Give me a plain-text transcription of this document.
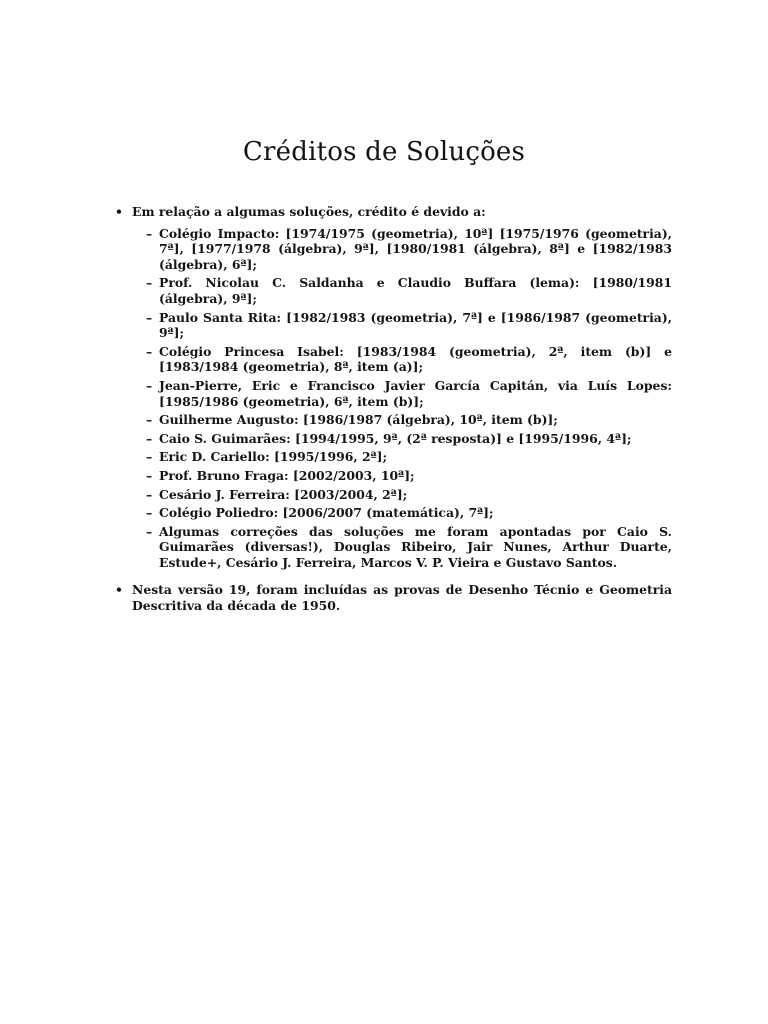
Créditos de Soluções
• Em relação a algumas soluções, crédito é devido a:
– Colégio Impacto: [1974/1975 (geometria), 10ª] [1975/1976 (geometria), 7ª], [1977/1978 (álgebra), 9ª], [1980/1981 (álgebra), 8ª] e [1982/1983 (álgebra), 6ª];
– Prof. Nicolau C. Saldanha e Claudio Buffara (lema): [1980/1981 (álgebra), 9ª];
– Paulo Santa Rita: [1982/1983 (geometria), 7ª] e [1986/1987 (geometria), 9ª];
– Colégio Princesa Isabel: [1983/1984 (geometria), 2ª, item (b)] e [1983/1984 (geometria), 8ª, item (a)];
– Jean-Pierre, Eric e Francisco Javier García Capitán, via Luís Lopes: [1985/1986 (geometria), 6ª, item (b)];
– Guilherme Augusto: [1986/1987 (álgebra), 10ª, item (b)];
– Caio S. Guimarães: [1994/1995, 9ª, (2ª resposta)] e [1995/1996, 4ª];
– Eric D. Cariello: [1995/1996, 2ª];
– Prof. Bruno Fraga: [2002/2003, 10ª];
– Cesário J. Ferreira: [2003/2004, 2ª];
– Colégio Poliedro: [2006/2007 (matemática), 7ª];
– Algumas correções das soluções me foram apontadas por Caio S. Guimarães (diversas!), Douglas Ribeiro, Jair Nunes, Arthur Duarte, Estude+, Cesário J. Ferreira, Marcos V. P. Vieira e Gustavo Santos.
• Nesta versão 19, foram incluídas as provas de Desenho Técnio e Geometria Descritiva da década de 1950.
